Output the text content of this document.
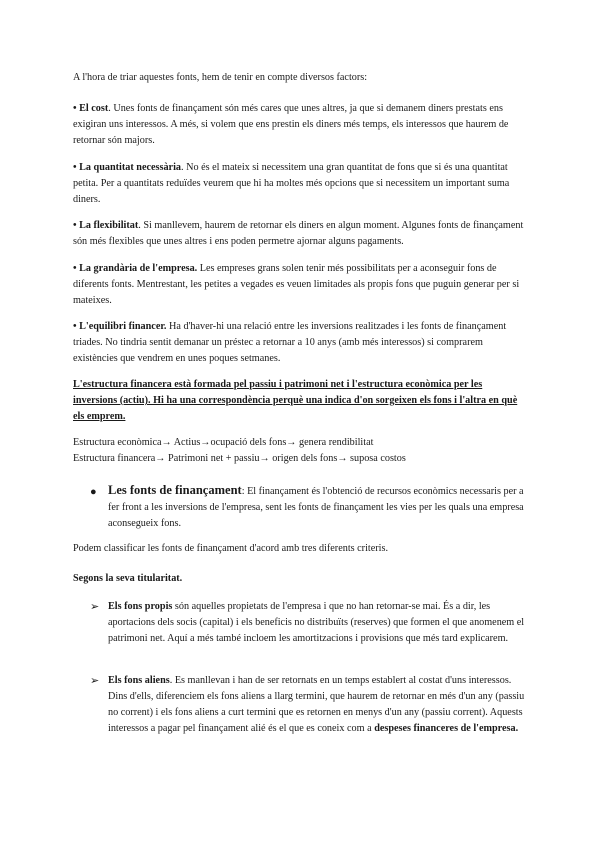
A l'hora de triar aquestes fonts, hem de tenir en compte diversos factors:

• El cost. Unes fonts de finançament són més cares que unes altres, ja que si demanem diners prestats ens exigiran uns interessos. A més, si volem que ens prestin els diners més temps, els interessos que haurem de retornar són majors.

• La quantitat necessària. No és el mateix si necessitem una gran quantitat de fons que si és una quantitat petita. Per a quantitats reduïdes veurem que hi ha moltes més opcions que si necessitem un important suma diners.

• La flexibilitat. Si manllevem, haurem de retornar els diners en algun moment. Algunes fonts de finançament són més flexibles que unes altres i ens poden permetre ajornar alguns pagaments.

• La grandària de l'empresa. Les empreses grans solen tenir més possibilitats per a aconseguir fons de diferents fonts. Mentrestant, les petites a vegades es veuen limitades als propis fons que puguin generar per si mateixes.

• L'equilibri financer. Ha d'haver-hi una relació entre les inversions realitzades i les fonts de finançament triades. No tindria sentit demanar un préstec a retornar a 10 anys (amb més interessos) si comprarem existències que vendrem en unes poques setmanes.

L'estructura financera està formada pel passiu i patrimoni net i l'estructura econòmica per les inversions (actiu). Hi ha una correspondència perquè una indica d'on sorgeixen els fons i l'altra en què els emprem.

Estructura econòmica→ Actius→ocupació dels fons→ genera rendibilitat

Estructura financera→ Patrimoni net + passiu→ origen dels fons→ suposa costos

● Les fonts de finançament: El finançament és l'obtenció de recursos econòmics necessaris per a fer front a les inversions de l'empresa, sent les fonts de finançament les vies per les quals una empresa aconsegueix fons.

Podem classificar les fonts de finançament d'acord amb tres diferents criteris.

Segons la seva titularitat.

➢ Els fons propis són aquelles propietats de l'empresa i que no han retornar-se mai. És a dir, les aportacions dels socis (capital) i els beneficis no distribuïts (reserves) que formen el que anomenem el patrimoni net. Aquí a més també incloem les amortitzacions i provisions que més tard explicarem.

➢ Els fons aliens. Es manllevan i han de ser retornats en un temps establert al costat d'uns interessos. Dins d'ells, diferenciem els fons aliens a llarg termini, que haurem de retornar en més d'un any (passiu no corrent) i els fons aliens a curt termini que es retornen en menys d'un any (passiu corrent). Aquests interessos a pagar pel finançament alié és el que es coneix com a despeses financeres de l'empresa.
